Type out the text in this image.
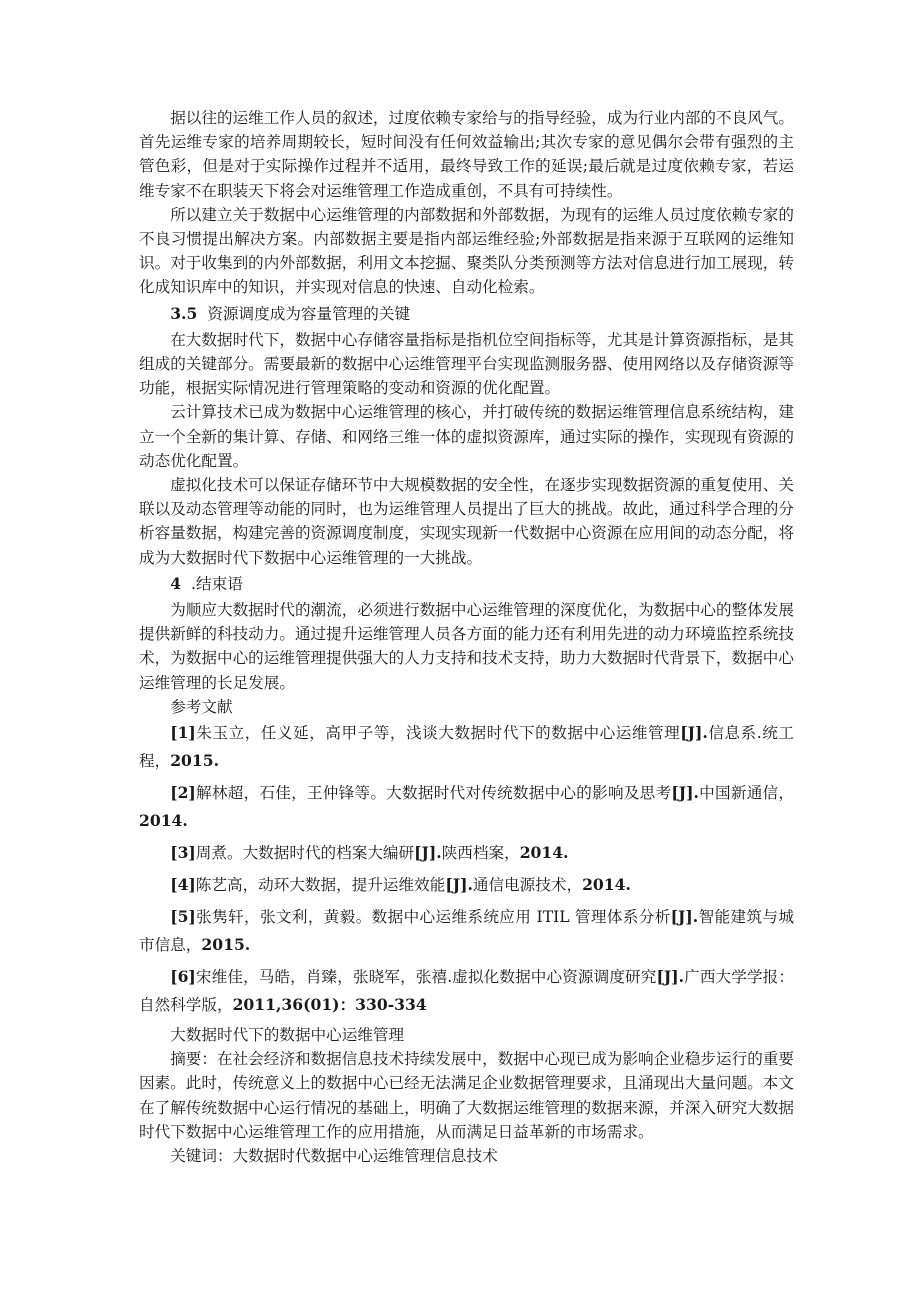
据以往的运维工作人员的叙述，过度依赖专家给与的指导经验，成为行业内部的不良风气。首先运维专家的培养周期较长，短时间没有任何效益输出;其次专家的意见偶尔会带有强烈的主管色彩，但是对于实际操作过程并不适用，最终导致工作的延误;最后就是过度依赖专家，若运维专家不在职装天下将会对运维管理工作造成重创，不具有可持续性。

所以建立关于数据中心运维管理的内部数据和外部数据，为现有的运维人员过度依赖专家的不良习惯提出解决方案。内部数据主要是指内部运维经验;外部数据是指来源于互联网的运维知识。对于收集到的内外部数据，利用文本挖掘、聚类队分类预测等方法对信息进行加工展现，转化成知识库中的知识，并实现对信息的快速、自动化检索。

3.5 资源调度成为容量管理的关键

在大数据时代下，数据中心存储容量指标是指机位空间指标等，尤其是计算资源指标，是其组成的关键部分。需要最新的数据中心运维管理平台实现监测服务器、使用网络以及存储资源等功能，根据实际情况进行管理策略的变动和资源的优化配置。

云计算技术已成为数据中心运维管理的核心，并打破传统的数据运维管理信息系统结构，建立一个全新的集计算、存储、和网络三维一体的虚拟资源库，通过实际的操作，实现现有资源的动态优化配置。

虚拟化技术可以保证存储环节中大规模数据的安全性，在逐步实现数据资源的重复使用、关联以及动态管理等动能的同时，也为运维管理人员提出了巨大的挑战。故此，通过科学合理的分析容量数据，构建完善的资源调度制度，实现实现新一代数据中心资源在应用间的动态分配，将成为大数据时代下数据中心运维管理的一大挑战。

4 .结束语

为顺应大数据时代的潮流，必须进行数据中心运维管理的深度优化，为数据中心的整体发展提供新鲜的科技动力。通过提升运维管理人员各方面的能力还有利用先进的动力环境监控系统技术，为数据中心的运维管理提供强大的人力支持和技术支持，助力大数据时代背景下，数据中心运维管理的长足发展。

参考文献

[1]朱玉立，任义延，高甲子等，浅谈大数据时代下的数据中心运维管理[J].信息系.统工程，2015.

[2]解林超，石佳，王仲锋等。大数据时代对传统数据中心的影响及思考[J].中国新通信，2014.

[3]周煮。大数据时代的档案大编研[J].陕西档案，2014.

[4]陈艺高，动环大数据，提升运维效能[J].通信电源技术，2014.

[5]张隽轩，张文利，黄毅。数据中心运维系统应用 ITIL 管理体系分析[J].智能建筑与城市信息，2015.

[6]宋维佳，马皓，肖臻，张晓军，张禧.虚拟化数据中心资源调度研究[J].广西大学学报：自然科学版，2011,36(01)：330-334

大数据时代下的数据中心运维管理

摘要：在社会经济和数据信息技术持续发展中，数据中心现已成为影响企业稳步运行的重要因素。此时，传统意义上的数据中心已经无法满足企业数据管理要求，且涌现出大量问题。本文在了解传统数据中心运行情况的基础上，明确了大数据运维管理的数据来源，并深入研究大数据时代下数据中心运维管理工作的应用措施，从而满足日益革新的市场需求。

关键词：大数据时代数据中心运维管理信息技术
